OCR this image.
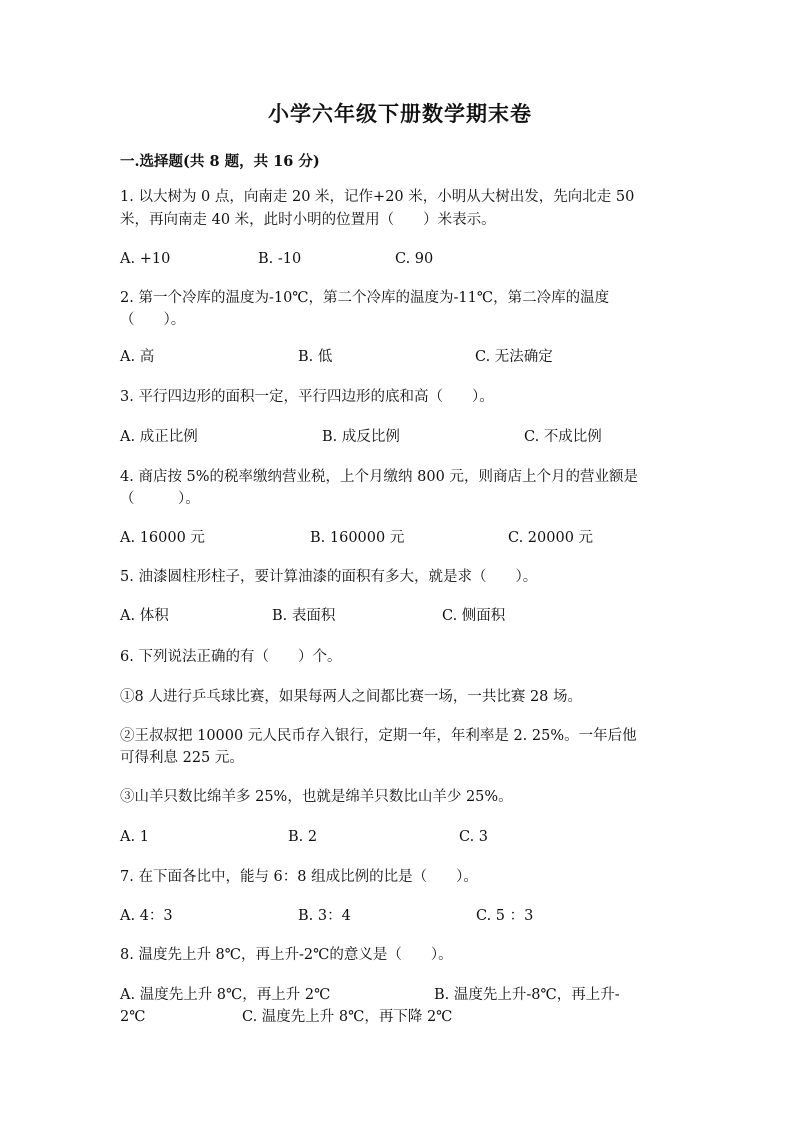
小学六年级下册数学期末卷
一.选择题(共 8 题，共 16 分)
1. 以大树为 0 点，向南走 20 米，记作+20 米，小明从大树出发，先向北走 50
米，再向南走 40 米，此时小明的位置用（　　）米表示。
A. +10	B. -10	C. 90
2. 第一个冷库的温度为-10℃，第二个冷库的温度为-11℃，第二冷库的温度
（　　）。
A. 高	B. 低	C. 无法确定
3. 平行四边形的面积一定，平行四边形的底和高（　　）。
A. 成正比例	B. 成反比例	C. 不成比例
4. 商店按 5%的税率缴纳营业税，上个月缴纳 800 元，则商店上个月的营业额是
（　　　）。
A. 16000 元	B. 160000 元	C. 20000 元
5. 油漆圆柱形柱子，要计算油漆的面积有多大，就是求（　　）。
A. 体积	B. 表面积	C. 侧面积
6. 下列说法正确的有（　　）个。
①8 人进行乒乓球比赛，如果每两人之间都比赛一场，一共比赛 28 场。
②王叔叔把 10000 元人民币存入银行，定期一年，年利率是 2. 25%。一年后他
可得利息 225 元。
③山羊只数比绵羊多 25%，也就是绵羊只数比山羊少 25%。
A. 1	B. 2	C. 3
7. 在下面各比中，能与 6：8 组成比例的比是（　　）。
A. 4：3	B. 3：4	C. 5 ：3
8. 温度先上升 8℃，再上升-2℃的意义是（　　）。
A. 温度先上升 8℃，再上升 2℃	B. 温度先上升-8℃，再上升-
2℃	C. 温度先上升 8℃，再下降 2℃
